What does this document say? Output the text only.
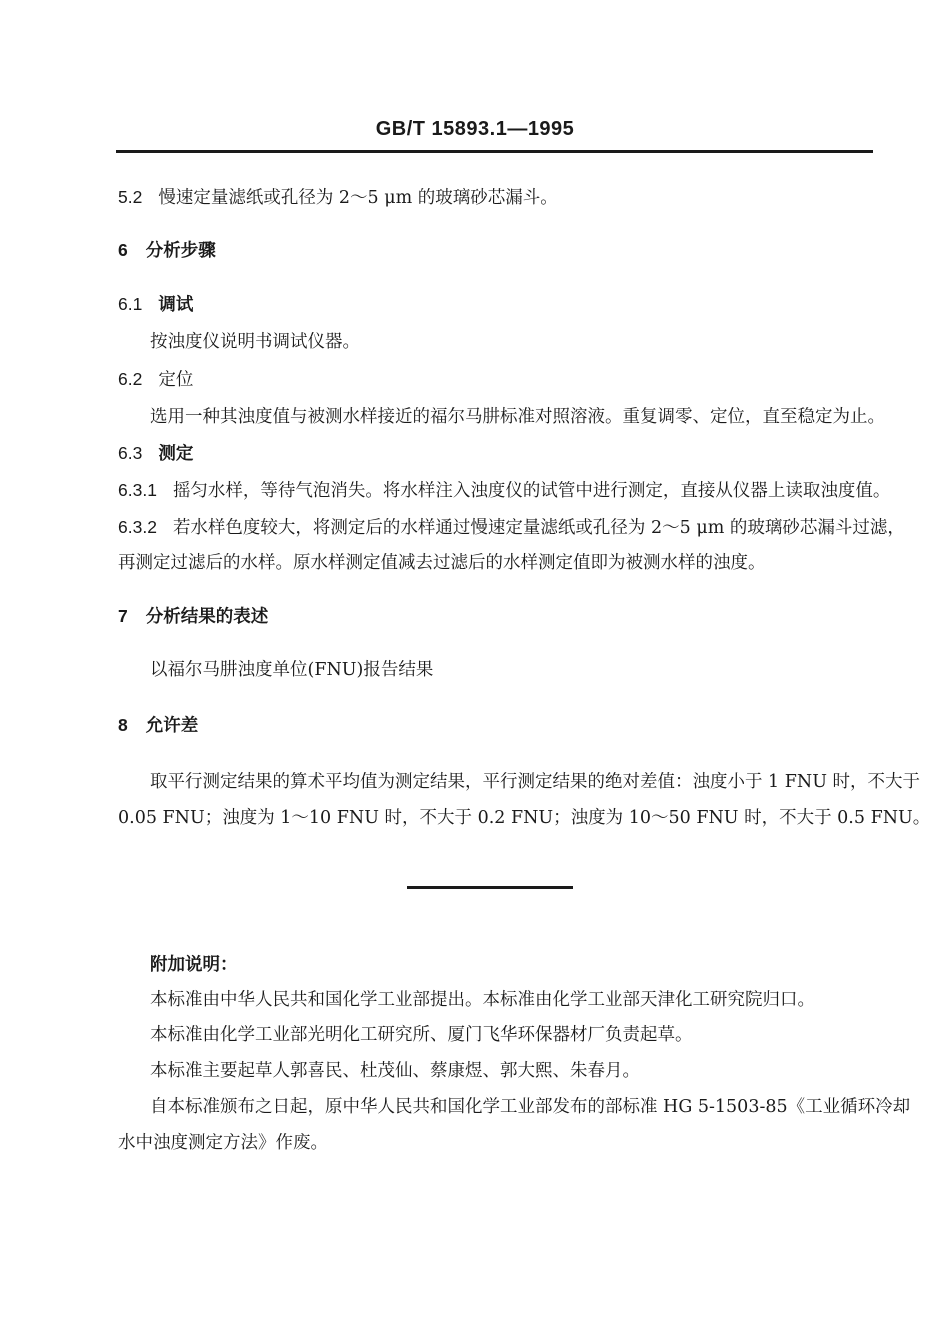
GB/T 15893.1—1995
5.2 慢速定量滤纸或孔径为 2～5 μm 的玻璃砂芯漏斗。
6 分析步骤
6.1 调试
按浊度仪说明书调试仪器。
6.2 定位
选用一种其浊度值与被测水样接近的福尔马肼标准对照溶液。重复调零、定位，直至稳定为止。
6.3 测定
6.3.1 摇匀水样，等待气泡消失。将水样注入浊度仪的试管中进行测定，直接从仪器上读取浊度值。
6.3.2 若水样色度较大，将测定后的水样通过慢速定量滤纸或孔径为 2～5 μm 的玻璃砂芯漏斗过滤，
再测定过滤后的水样。原水样测定值减去过滤后的水样测定值即为被测水样的浊度。
7 分析结果的表述
以福尔马肼浊度单位(FNU)报告结果
8 允许差
取平行测定结果的算术平均值为测定结果，平行测定结果的绝对差值：浊度小于 1 FNU 时，不大于
0.05 FNU；浊度为 1～10 FNU 时，不大于 0.2 FNU；浊度为 10～50 FNU 时，不大于 0.5 FNU。
附加说明：
本标准由中华人民共和国化学工业部提出。本标准由化学工业部天津化工研究院归口。
本标准由化学工业部光明化工研究所、厦门飞华环保器材厂负责起草。
本标准主要起草人郭喜民、杜茂仙、蔡康煜、郭大熙、朱春月。
自本标准颁布之日起，原中华人民共和国化学工业部发布的部标准 HG 5-1503-85《工业循环冷却
水中浊度测定方法》作废。
